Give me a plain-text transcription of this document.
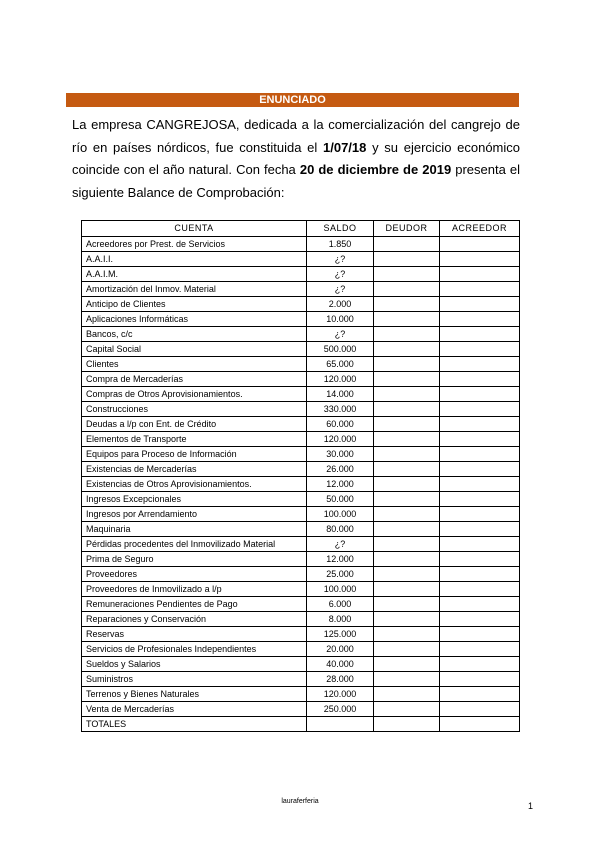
ENUNCIADO

La empresa CANGREJOSA, dedicada a la comercialización del cangrejo de río en países nórdicos, fue constituida el 1/07/18 y su ejercicio económico coincide con el año natural. Con fecha 20 de diciembre de 2019 presenta el siguiente Balance de Comprobación:

CUENTA	SALDO	DEUDOR	ACREEDOR
Acreedores por Prest. de Servicios	1.850		
A.A.I.I.	¿?		
A.A.I.M.	¿?		
Amortización del Inmov. Material	¿?		
Anticipo de Clientes	2.000		
Aplicaciones Informáticas	10.000		
Bancos, c/c	¿?		
Capital Social	500.000		
Clientes	65.000		
Compra de Mercaderías	120.000		
Compras de Otros Aprovisionamientos.	14.000		
Construcciones	330.000		
Deudas a l/p con Ent. de Crédito	60.000		
Elementos de Transporte	120.000		
Equipos para Proceso de Información	30.000		
Existencias de Mercaderías	26.000		
Existencias de Otros Aprovisionamientos.	12.000		
Ingresos Excepcionales	50.000		
Ingresos por Arrendamiento	100.000		
Maquinaria	80.000		
Pérdidas procedentes del Inmovilizado Material	¿?		
Prima de Seguro	12.000		
Proveedores	25.000		
Proveedores de Inmovilizado a l/p	100.000		
Remuneraciones Pendientes de Pago	6.000		
Reparaciones y Conservación	8.000		
Reservas	125.000		
Servicios de Profesionales Independientes	20.000		
Sueldos y Salarios	40.000		
Suministros	28.000		
Terrenos y Bienes Naturales	120.000		
Venta de Mercaderías	250.000		
TOTALES			
lauraferferia	1
